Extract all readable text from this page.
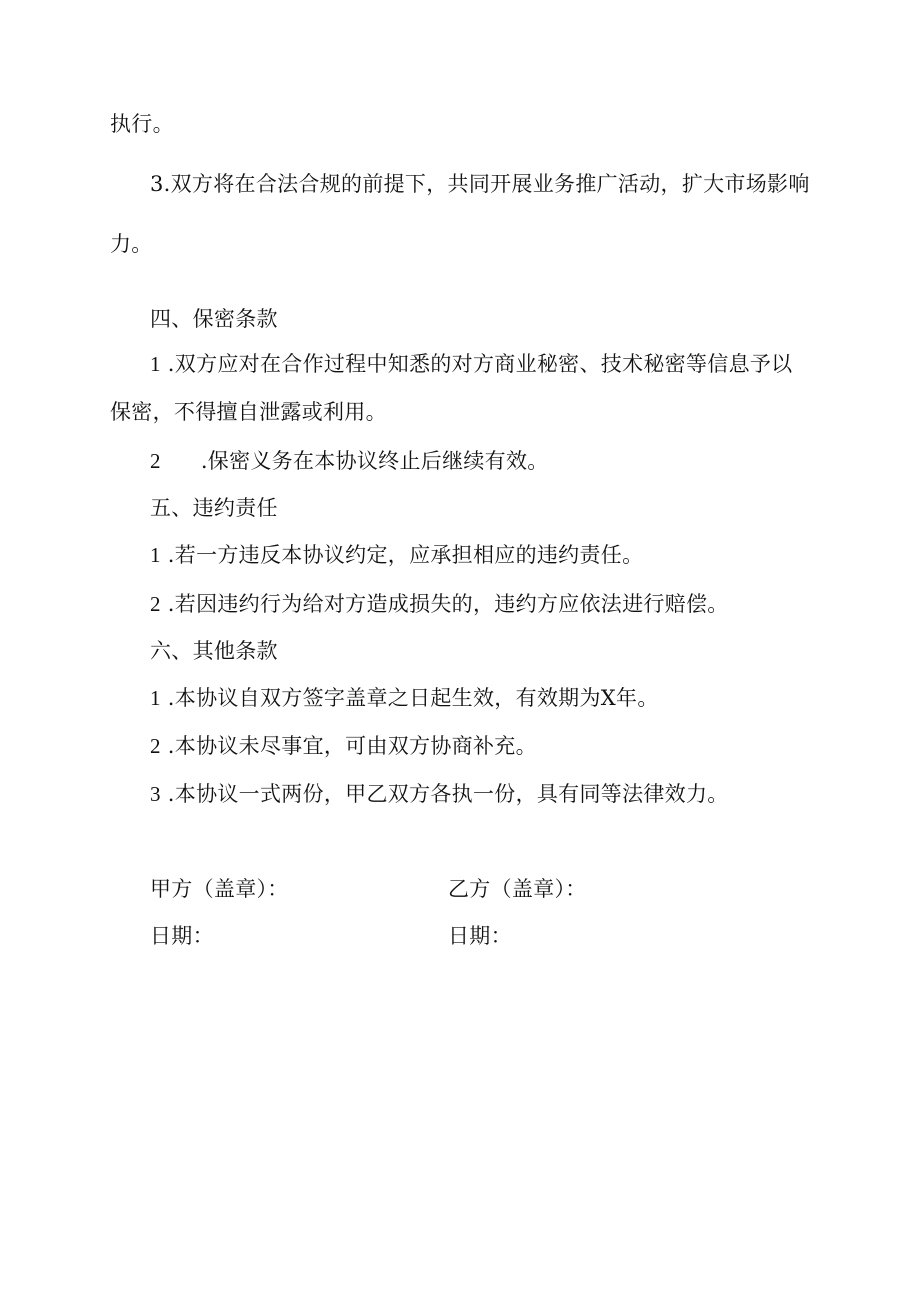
执行。
3.双方将在合法合规的前提下，共同开展业务推广活动，扩大市场影响
力。
四、保密条款
1 .双方应对在合作过程中知悉的对方商业秘密、技术秘密等信息予以
保密，不得擅自泄露或利用。
2 .保密义务在本协议终止后继续有效。
五、违约责任
1 .若一方违反本协议约定，应承担相应的违约责任。
2 .若因违约行为给对方造成损失的，违约方应依法进行赔偿。
六、其他条款
1 .本协议自双方签字盖章之日起生效，有效期为X年。
2 .本协议未尽事宜，可由双方协商补充。
3 .本协议一式两份，甲乙双方各执一份，具有同等法律效力。
甲方（盖章）：	乙方（盖章）：
日期：	日期：
